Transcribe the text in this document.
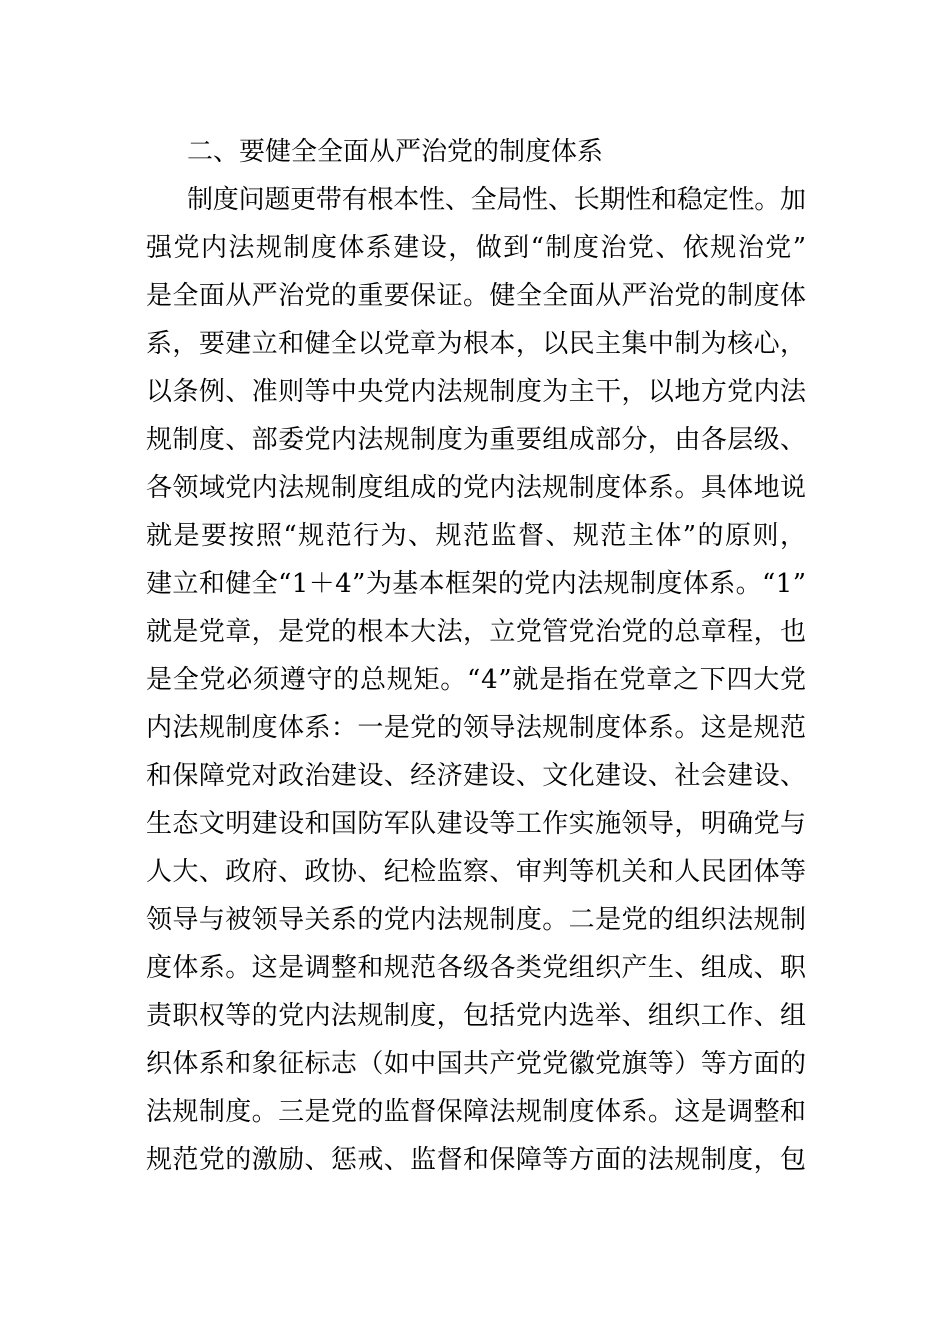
二、要健全全面从严治党的制度体系
制度问题更带有根本性、全局性、长期性和稳定性。加
强党内法规制度体系建设，做到“制度治党、依规治党”
是全面从严治党的重要保证。健全全面从严治党的制度体
系，要建立和健全以党章为根本，以民主集中制为核心，
以条例、准则等中央党内法规制度为主干，以地方党内法
规制度、部委党内法规制度为重要组成部分，由各层级、
各领域党内法规制度组成的党内法规制度体系。具体地说
就是要按照“规范行为、规范监督、规范主体”的原则，
建立和健全“1＋4”为基本框架的党内法规制度体系。“1”
就是党章，是党的根本大法，立党管党治党的总章程，也
是全党必须遵守的总规矩。“4”就是指在党章之下四大党
内法规制度体系：一是党的领导法规制度体系。这是规范
和保障党对政治建设、经济建设、文化建设、社会建设、
生态文明建设和国防军队建设等工作实施领导，明确党与
人大、政府、政协、纪检监察、审判等机关和人民团体等
领导与被领导关系的党内法规制度。二是党的组织法规制
度体系。这是调整和规范各级各类党组织产生、组成、职
责职权等的党内法规制度，包括党内选举、组织工作、组
织体系和象征标志（如中国共产党党徽党旗等）等方面的
法规制度。三是党的监督保障法规制度体系。这是调整和
规范党的激励、惩戒、监督和保障等方面的法规制度，包
